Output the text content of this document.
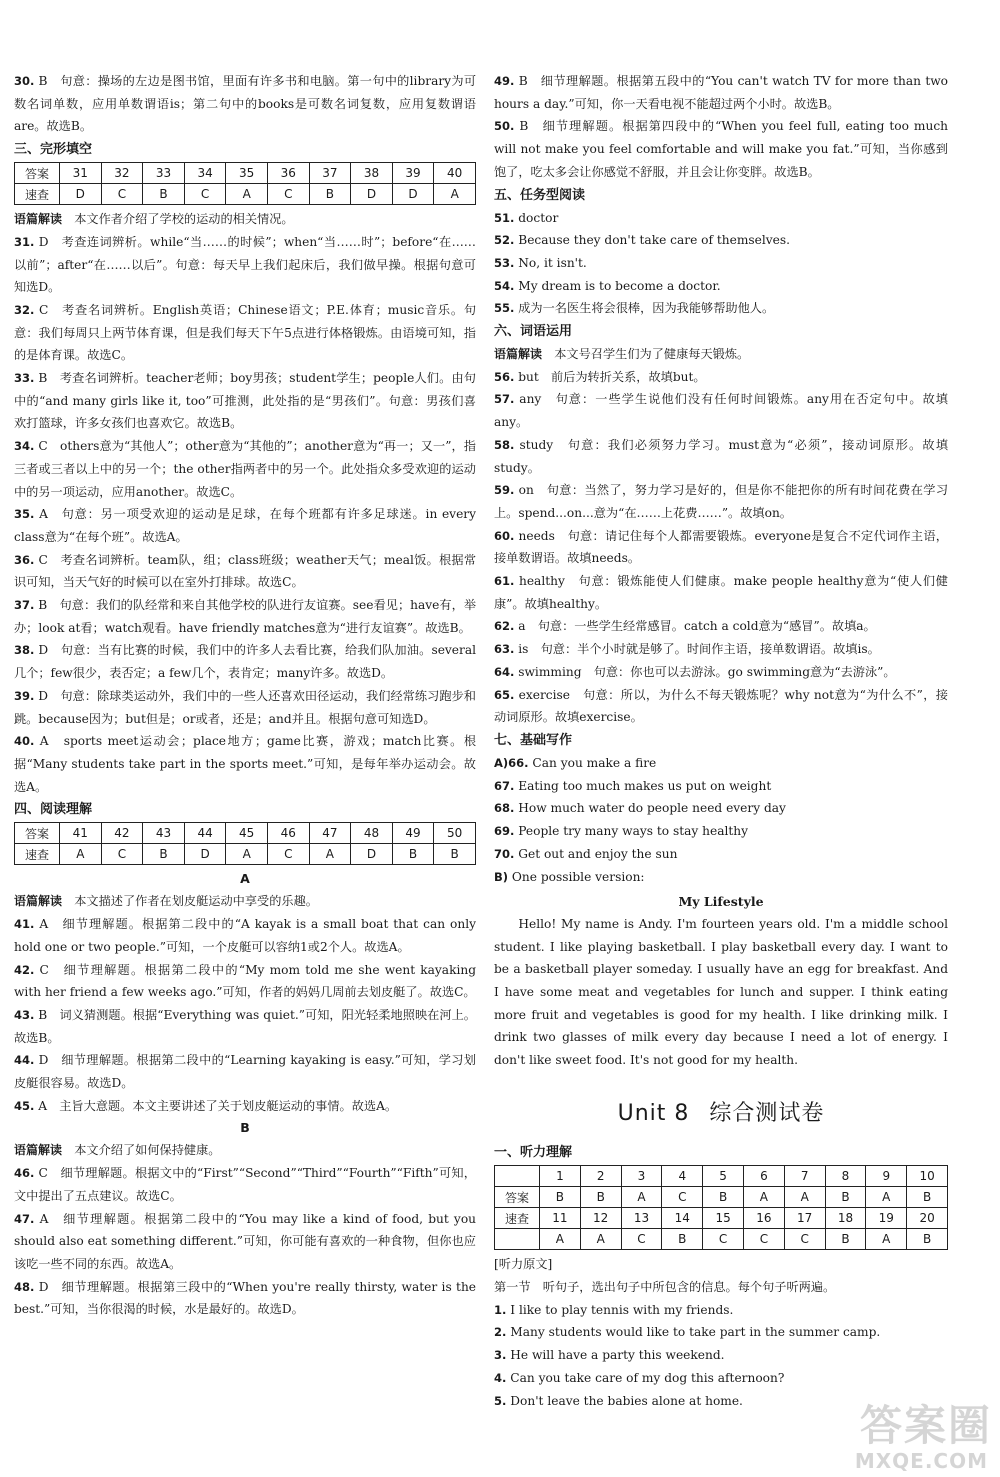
30. B　句意：操场的左边是图书馆，里面有许多书和电脑。第一句中的library为可数名词单数，应用单数谓语is；第二句中的books是可数名词复数，应用复数谓语are。故选B。

三、完形填空

答案	31	32	33	34	35	36	37	38	39	40
速查	D	C	B	C	A	C	B	D	D	A

语篇解读　本文作者介绍了学校的运动的相关情况。

31. D　考查连词辨析。while“当……的时候”；when“当……时”；before“在……以前”；after“在……以后”。句意：每天早上我们起床后，我们做早操。根据句意可知选D。

32. C　考查名词辨析。English英语；Chinese语文；P.E.体育；music音乐。句意：我们每周只上两节体育课，但是我们每天下午5点进行体格锻炼。由语境可知，指的是体育课。故选C。

33. B　考查名词辨析。teacher老师；boy男孩；student学生；people人们。由句中的“and many girls like it, too”可推测，此处指的是“男孩们”。句意：男孩们喜欢打篮球，许多女孩们也喜欢它。故选B。

34. C　others意为“其他人”；other意为“其他的”；another意为“再一；又一”，指三者或三者以上中的另一个；the other指两者中的另一个。此处指众多受欢迎的运动中的另一项运动，应用another。故选C。

35. A　句意：另一项受欢迎的运动是足球，在每个班都有许多足球迷。in every class意为“在每个班”。故选A。

36. C　考查名词辨析。team队，组；class班级；weather天气；meal饭。根据常识可知，当天气好的时候可以在室外打排球。故选C。

37. B　句意：我们的队经常和来自其他学校的队进行友谊赛。see看见；have有，举办；look at看；watch观看。have friendly matches意为“进行友谊赛”。故选B。

38. D　句意：当有比赛的时候，我们中的许多人去看比赛，给我们队加油。several几个；few很少，表否定；a few几个，表肯定；many许多。故选D。

39. D　句意：除球类运动外，我们中的一些人还喜欢田径运动，我们经常练习跑步和跳。because因为；but但是；or或者，还是；and并且。根据句意可知选D。

40. A　sports meet运动会；place地方；game比赛，游戏；match比赛。根据“Many students take part in the sports meet.”可知，是每年举办运动会。故选A。

四、阅读理解

答案	41	42	43	44	45	46	47	48	49	50
速查	A	C	B	D	A	C	A	D	B	B

A

语篇解读　本文描述了作者在划皮艇运动中享受的乐趣。

41. A　细节理解题。根据第二段中的“A kayak is a small boat that can only hold one or two people.”可知，一个皮艇可以容纳1或2个人。故选A。

42. C　细节理解题。根据第二段中的“My mom told me she went kayaking with her friend a few weeks ago.”可知，作者的妈妈几周前去划皮艇了。故选C。

43. B　词义猜测题。根据“Everything was quiet.”可知，阳光轻柔地照映在河上。故选B。

44. D　细节理解题。根据第二段中的“Learning kayaking is easy.”可知，学习划皮艇很容易。故选D。

45. A　主旨大意题。本文主要讲述了关于划皮艇运动的事情。故选A。

B

语篇解读　本文介绍了如何保持健康。

46. C　细节理解题。根据文中的“First”“Second”“Third”“Fourth”“Fifth”可知，文中提出了五点建议。故选C。

47. A　细节理解题。根据第二段中的“You may like a kind of food, but you should also eat something different.”可知，你可能有喜欢的一种食物，但你也应该吃一些不同的东西。故选A。

48. D　细节理解题。根据第三段中的“When you're really thirsty, water is the best.”可知，当你很渴的时候，水是最好的。故选D。

49. B　细节理解题。根据第五段中的“You can't watch TV for more than two hours a day.”可知，你一天看电视不能超过两个小时。故选B。

50. B　细节理解题。根据第四段中的“When you feel full, eating too much will not make you feel comfortable and will make you fat.”可知，当你感到饱了，吃太多会让你感觉不舒服，并且会让你变胖。故选B。

五、任务型阅读

51. doctor

52. Because they don't take care of themselves.

53. No, it isn't.

54. My dream is to become a doctor.

55. 成为一名医生将会很棒，因为我能够帮助他人。

六、词语运用

语篇解读　本文号召学生们为了健康每天锻炼。

56. but　前后为转折关系，故填but。

57. any　句意：一些学生说他们没有任何时间锻炼。any用在否定句中。故填any。

58. study　句意：我们必须努力学习。must意为“必须”，接动词原形。故填study。

59. on　句意：当然了，努力学习是好的，但是你不能把你的所有时间花费在学习上。spend...on...意为“在……上花费……”。故填on。

60. needs　句意：请记住每个人都需要锻炼。everyone是复合不定代词作主语，接单数谓语。故填needs。

61. healthy　句意：锻炼能使人们健康。make people healthy意为“使人们健康”。故填healthy。

62. a　句意：一些学生经常感冒。catch a cold意为“感冒”。故填a。

63. is　句意：半个小时就是够了。时间作主语，接单数谓语。故填is。

64. swimming　句意：你也可以去游泳。go swimming意为“去游泳”。

65. exercise　句意：所以，为什么不每天锻炼呢？why not意为“为什么不”，接动词原形。故填exercise。

七、基础写作

A)66. Can you make a fire

67. Eating too much makes us put on weight

68. How much water do people need every day

69. People try many ways to stay healthy

70. Get out and enjoy the sun

B) One possible version:

My Lifestyle

Hello! My name is Andy. I'm fourteen years old. I'm a middle school student. I like playing basketball. I play basketball every day. I want to be a basketball player someday. I usually have an egg for breakfast. And I have some meat and vegetables for lunch and supper. I think eating more fruit and vegetables is good for my health. I like drinking milk. I drink two glasses of milk every day because I need a lot of energy. I don't like sweet food. It's not good for my health.

Unit 8 综合测试卷

一、听力理解

	1	2	3	4	5	6	7	8	9	10
答案	B	B	A	C	B	A	A	B	A	B
速查	11	12	13	14	15	16	17	18	19	20
	A	A	C	B	C	C	C	B	A	B

[听力原文]

第一节　听句子，选出句子中所包含的信息。每个句子听两遍。

1. I like to play tennis with my friends.

2. Many students would like to take part in the summer camp.

3. He will have a party this weekend.

4. Can you take care of my dog this afternoon?

5. Don't leave the babies alone at home.

答案圈
MXQE.COM
